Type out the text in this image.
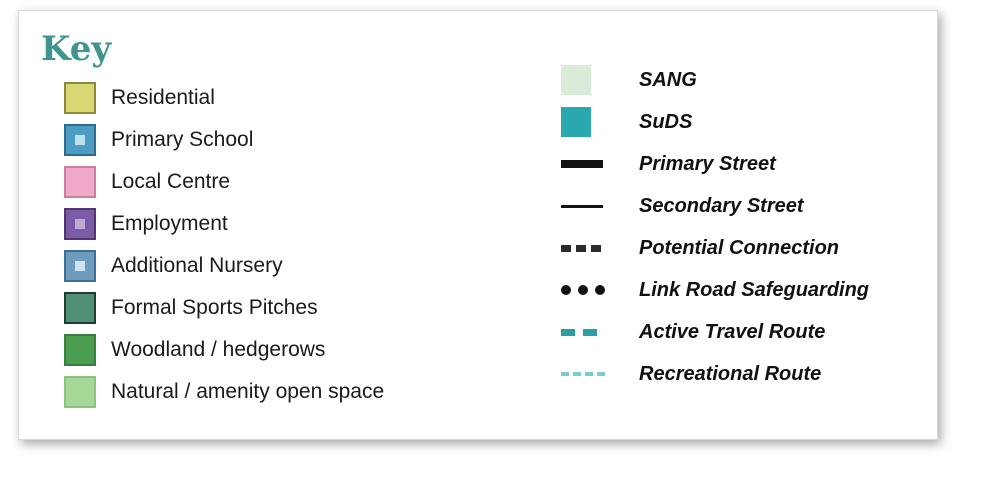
Key
Residential
Primary School
Local Centre
Employment
Additional Nursery
Formal Sports Pitches
Woodland / hedgerows
Natural / amenity open space
SANG
SuDS
Primary Street
Secondary Street
Potential Connection
Link Road Safeguarding
Active Travel Route
Recreational Route
